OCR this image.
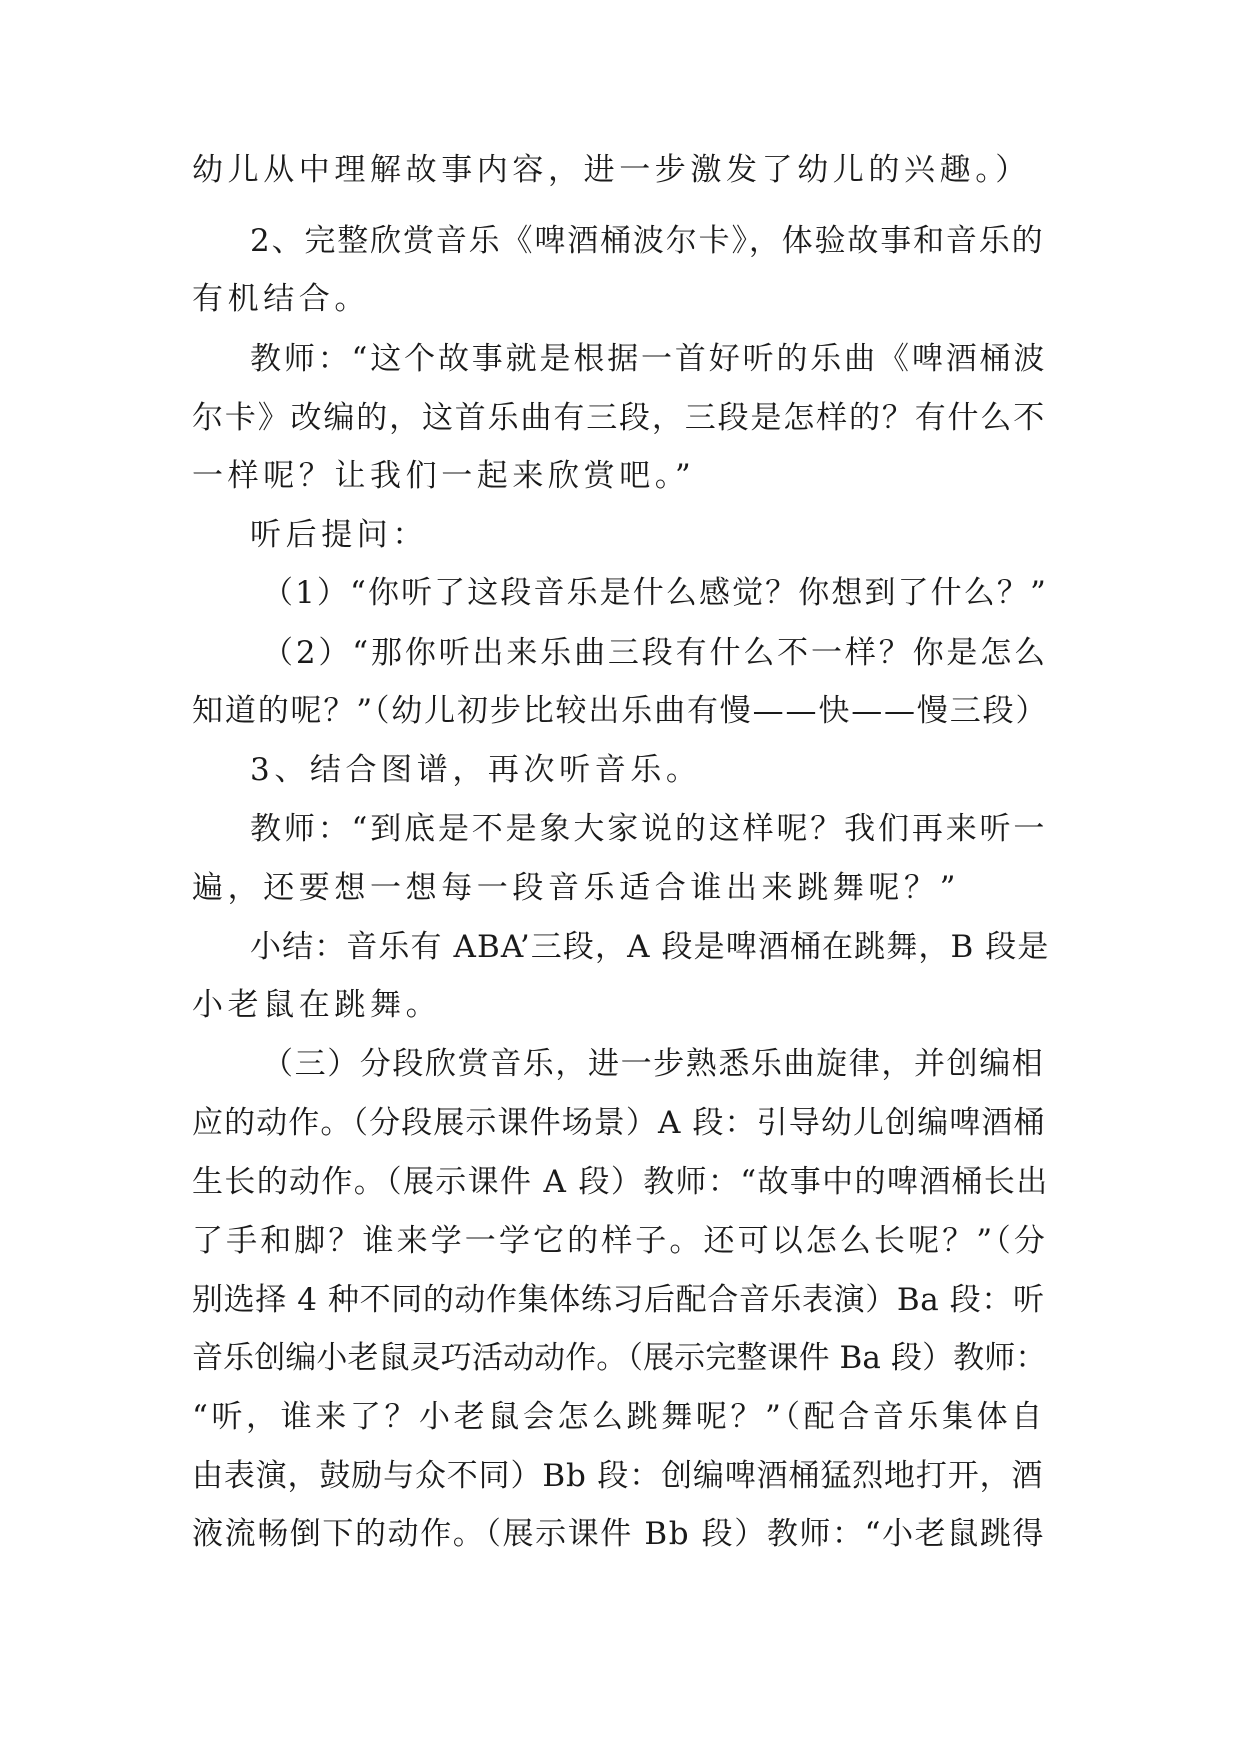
幼儿从中理解故事内容，进一步激发了幼儿的兴趣。）
2、完整欣赏音乐《啤酒桶波尔卡》，体验故事和音乐的
有机结合。
教师：“这个故事就是根据一首好听的乐曲《啤酒桶波
尔卡》改编的，这首乐曲有三段，三段是怎样的？有什么不
一样呢？让我们一起来欣赏吧。”
听后提问：
（1）“你听了这段音乐是什么感觉？你想到了什么？”
（2）“那你听出来乐曲三段有什么不一样？你是怎么
知道的呢？”（幼儿初步比较出乐曲有慢——快——慢三段）
3、结合图谱，再次听音乐。
教师：“到底是不是象大家说的这样呢？我们再来听一
遍，还要想一想每一段音乐适合谁出来跳舞呢？”
小结：音乐有 ABA’三段，A 段是啤酒桶在跳舞，B 段是
小老鼠在跳舞。
（三）分段欣赏音乐，进一步熟悉乐曲旋律，并创编相
应的动作。（分段展示课件场景）A 段：引导幼儿创编啤酒桶
生长的动作。（展示课件 A 段）教师：“故事中的啤酒桶长出
了手和脚？谁来学一学它的样子。还可以怎么长呢？”（分
别选择 4 种不同的动作集体练习后配合音乐表演）Ba 段：听
音乐创编小老鼠灵巧活动动作。（展示完整课件 Ba 段）教师：
“听，谁来了？小老鼠会怎么跳舞呢？”（配合音乐集体自
由表演，鼓励与众不同）Bb 段：创编啤酒桶猛烈地打开，酒
液流畅倒下的动作。（展示课件 Bb 段）教师：“小老鼠跳得
